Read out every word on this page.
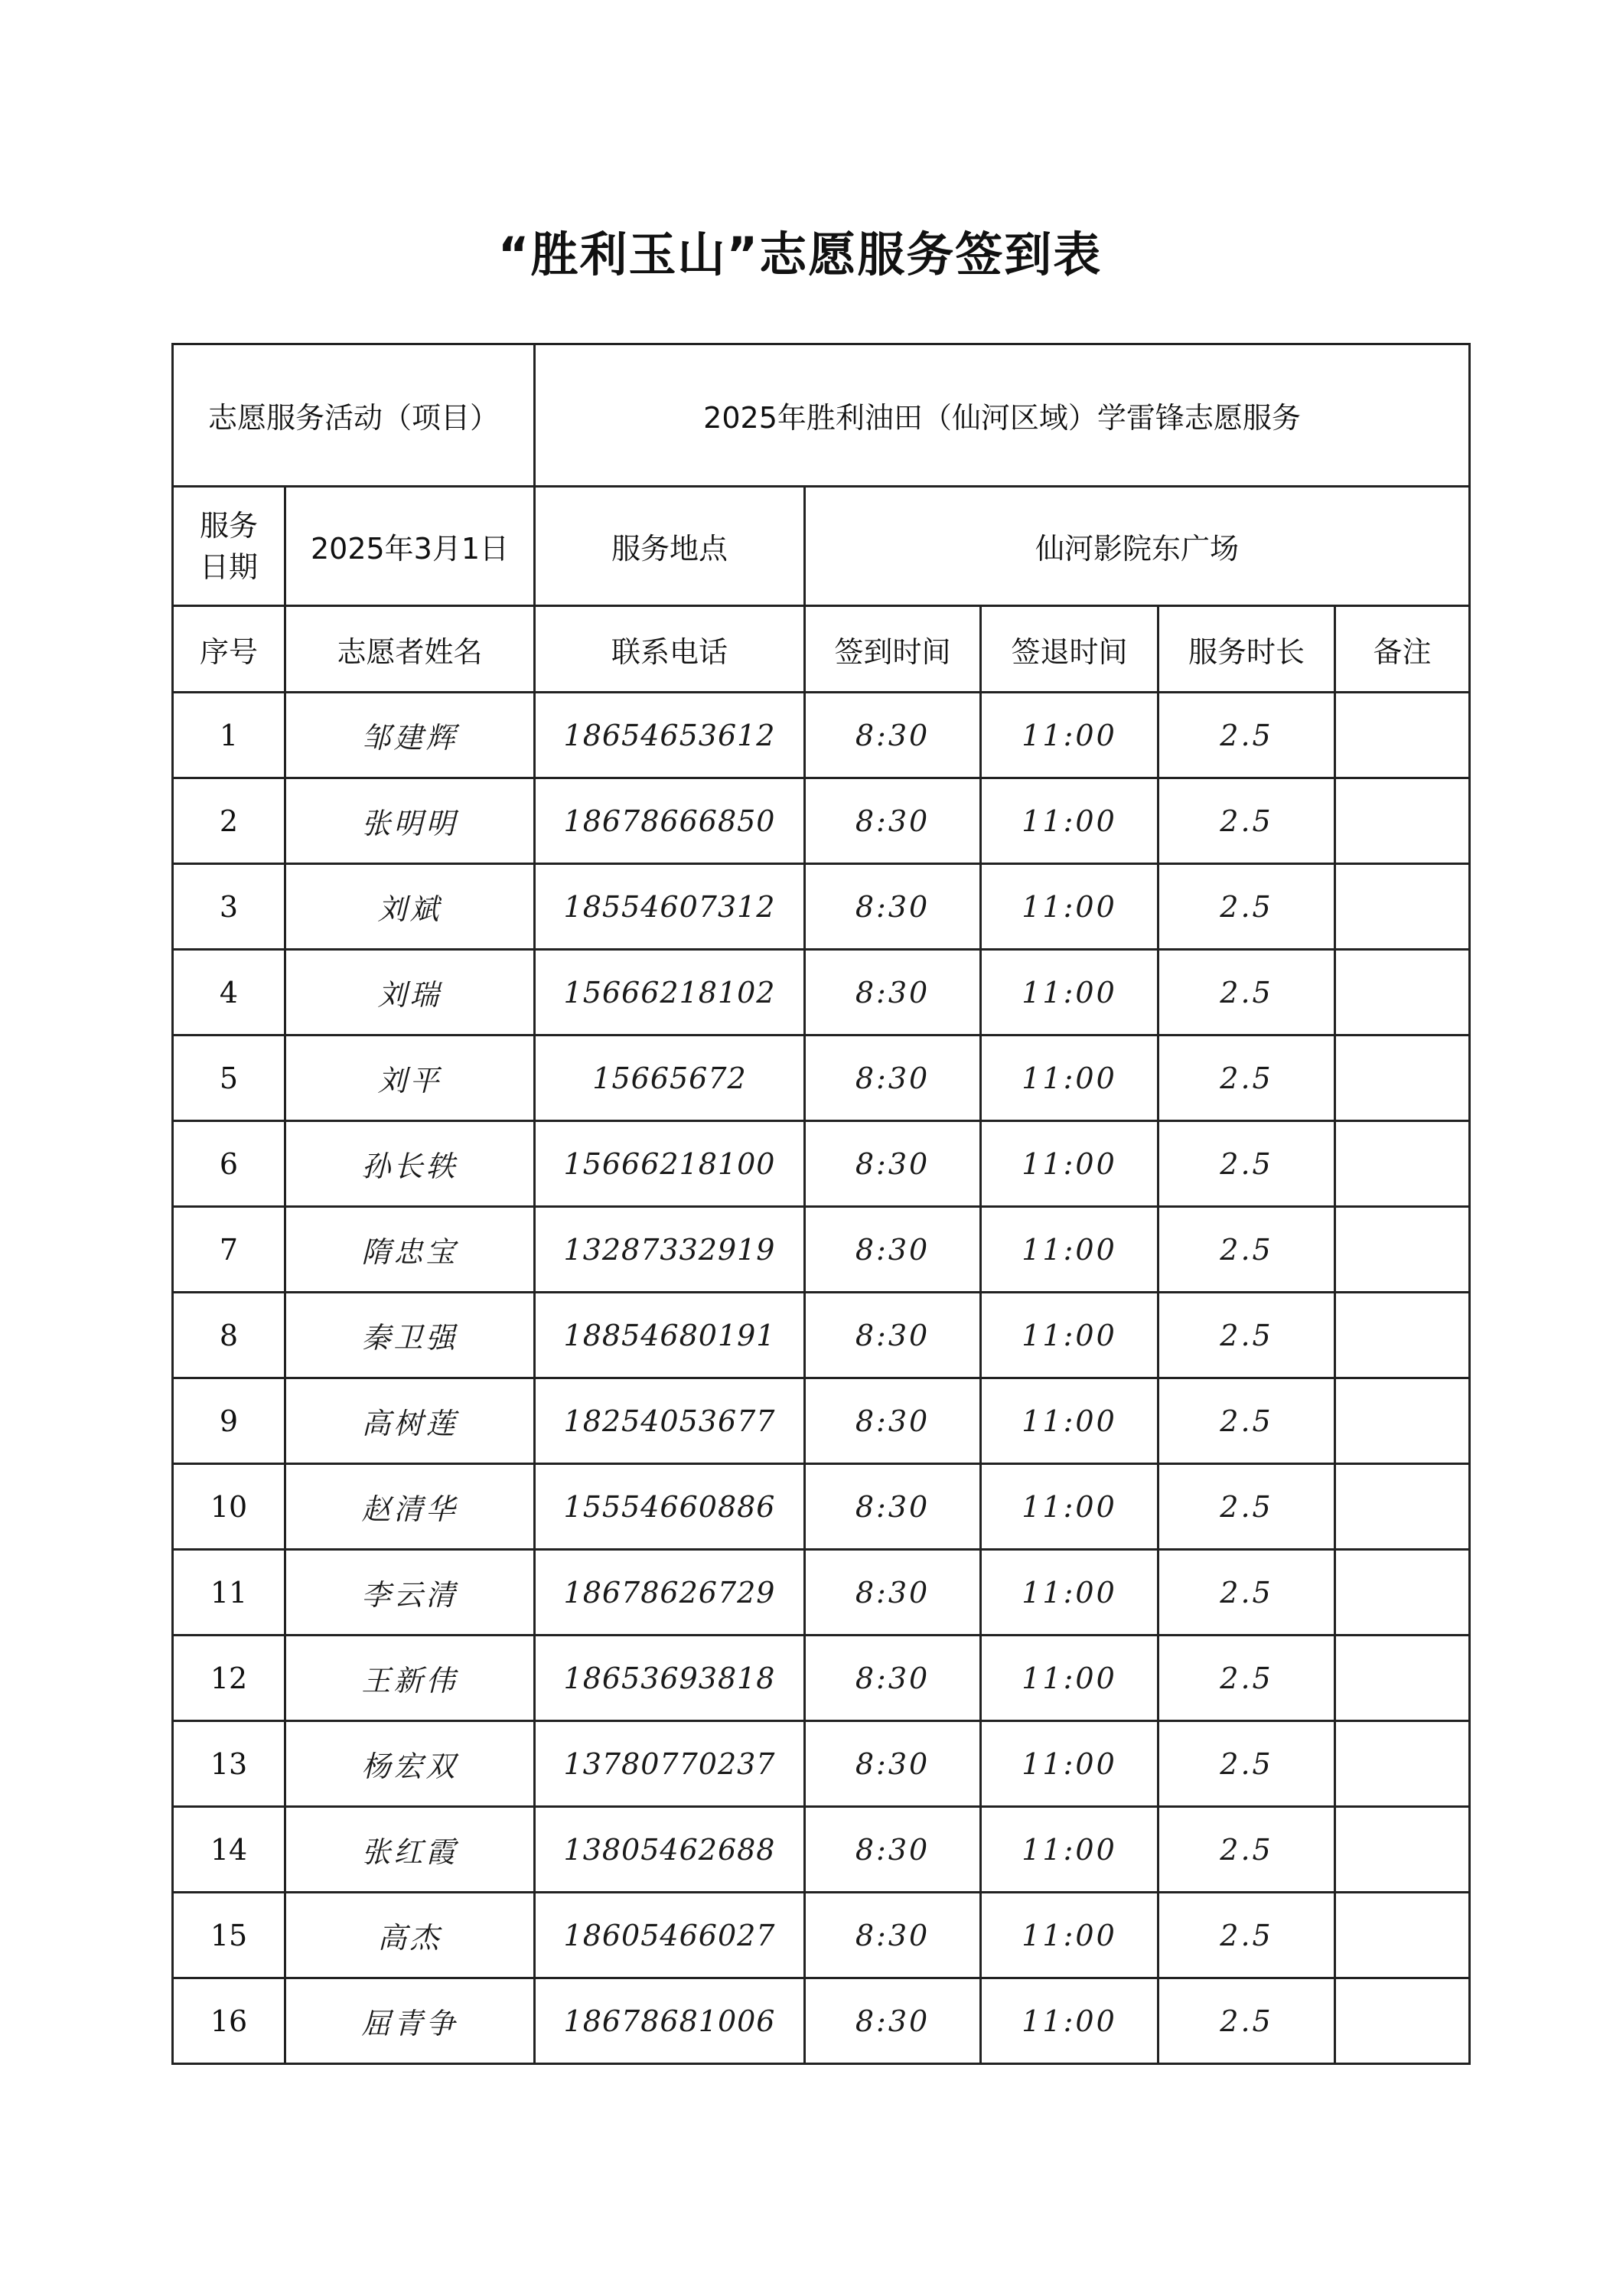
“胜利玉山”志愿服务签到表
志愿服务活动（项目）		2025年胜利油田（仙河区域）学雷锋志愿服务				
服务
日期	2025年3月1日	服务地点	仙河影院东广场			
序号	志愿者姓名	联系电话	签到时间	签退时间	服务时长	备注
1	邹建辉	18654653612	8:30	11:00	2.5	
2	张明明	18678666850	8:30	11:00	2.5	
3	刘斌	18554607312	8:30	11:00	2.5	
4	刘瑞	15666218102	8:30	11:00	2.5	
5	刘平	15665672	8:30	11:00	2.5	
6	孙长轶	15666218100	8:30	11:00	2.5	
7	隋忠宝	13287332919	8:30	11:00	2.5	
8	秦卫强	18854680191	8:30	11:00	2.5	
9	高树莲	18254053677	8:30	11:00	2.5	
10	赵清华	15554660886	8:30	11:00	2.5	
11	李云清	18678626729	8:30	11:00	2.5	
12	王新伟	18653693818	8:30	11:00	2.5	
13	杨宏双	13780770237	8:30	11:00	2.5	
14	张红霞	13805462688	8:30	11:00	2.5	
15	高杰	18605466027	8:30	11:00	2.5	
16	屈青争	18678681006	8:30	11:00	2.5	
